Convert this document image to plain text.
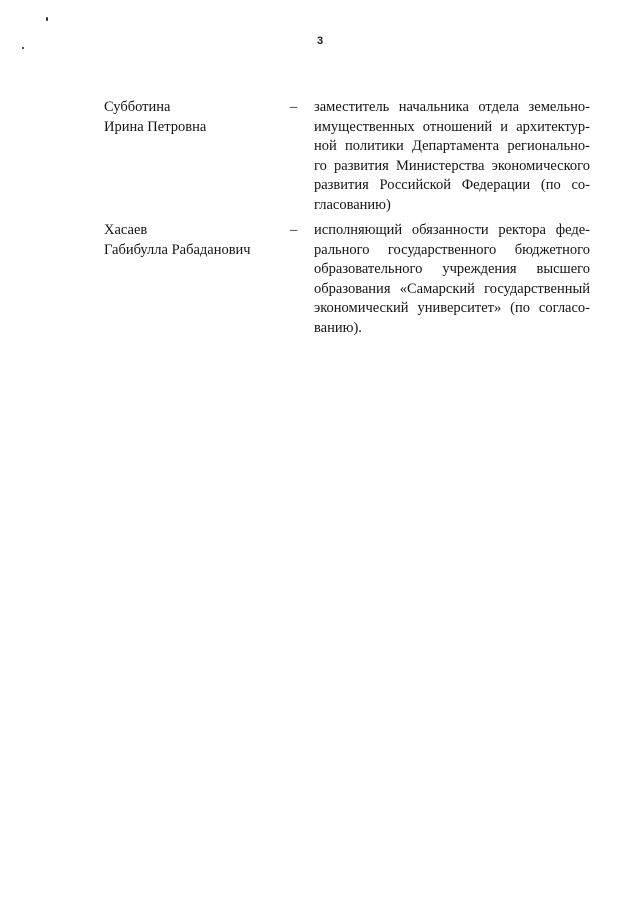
3
Субботина
Ирина Петровна
– заместитель начальника отдела земельно-
имущественных отношений и архитектур-
ной политики Департамента регионально-
го развития Министерства экономического
развития Российской Федерации (по со-
гласованию)
Хасаев
Габибулла Рабаданович
– исполняющий обязанности ректора феде-
рального государственного бюджетного
образовательного учреждения высшего
образования «Самарский государственный
экономический университет» (по согласо-
ванию).
